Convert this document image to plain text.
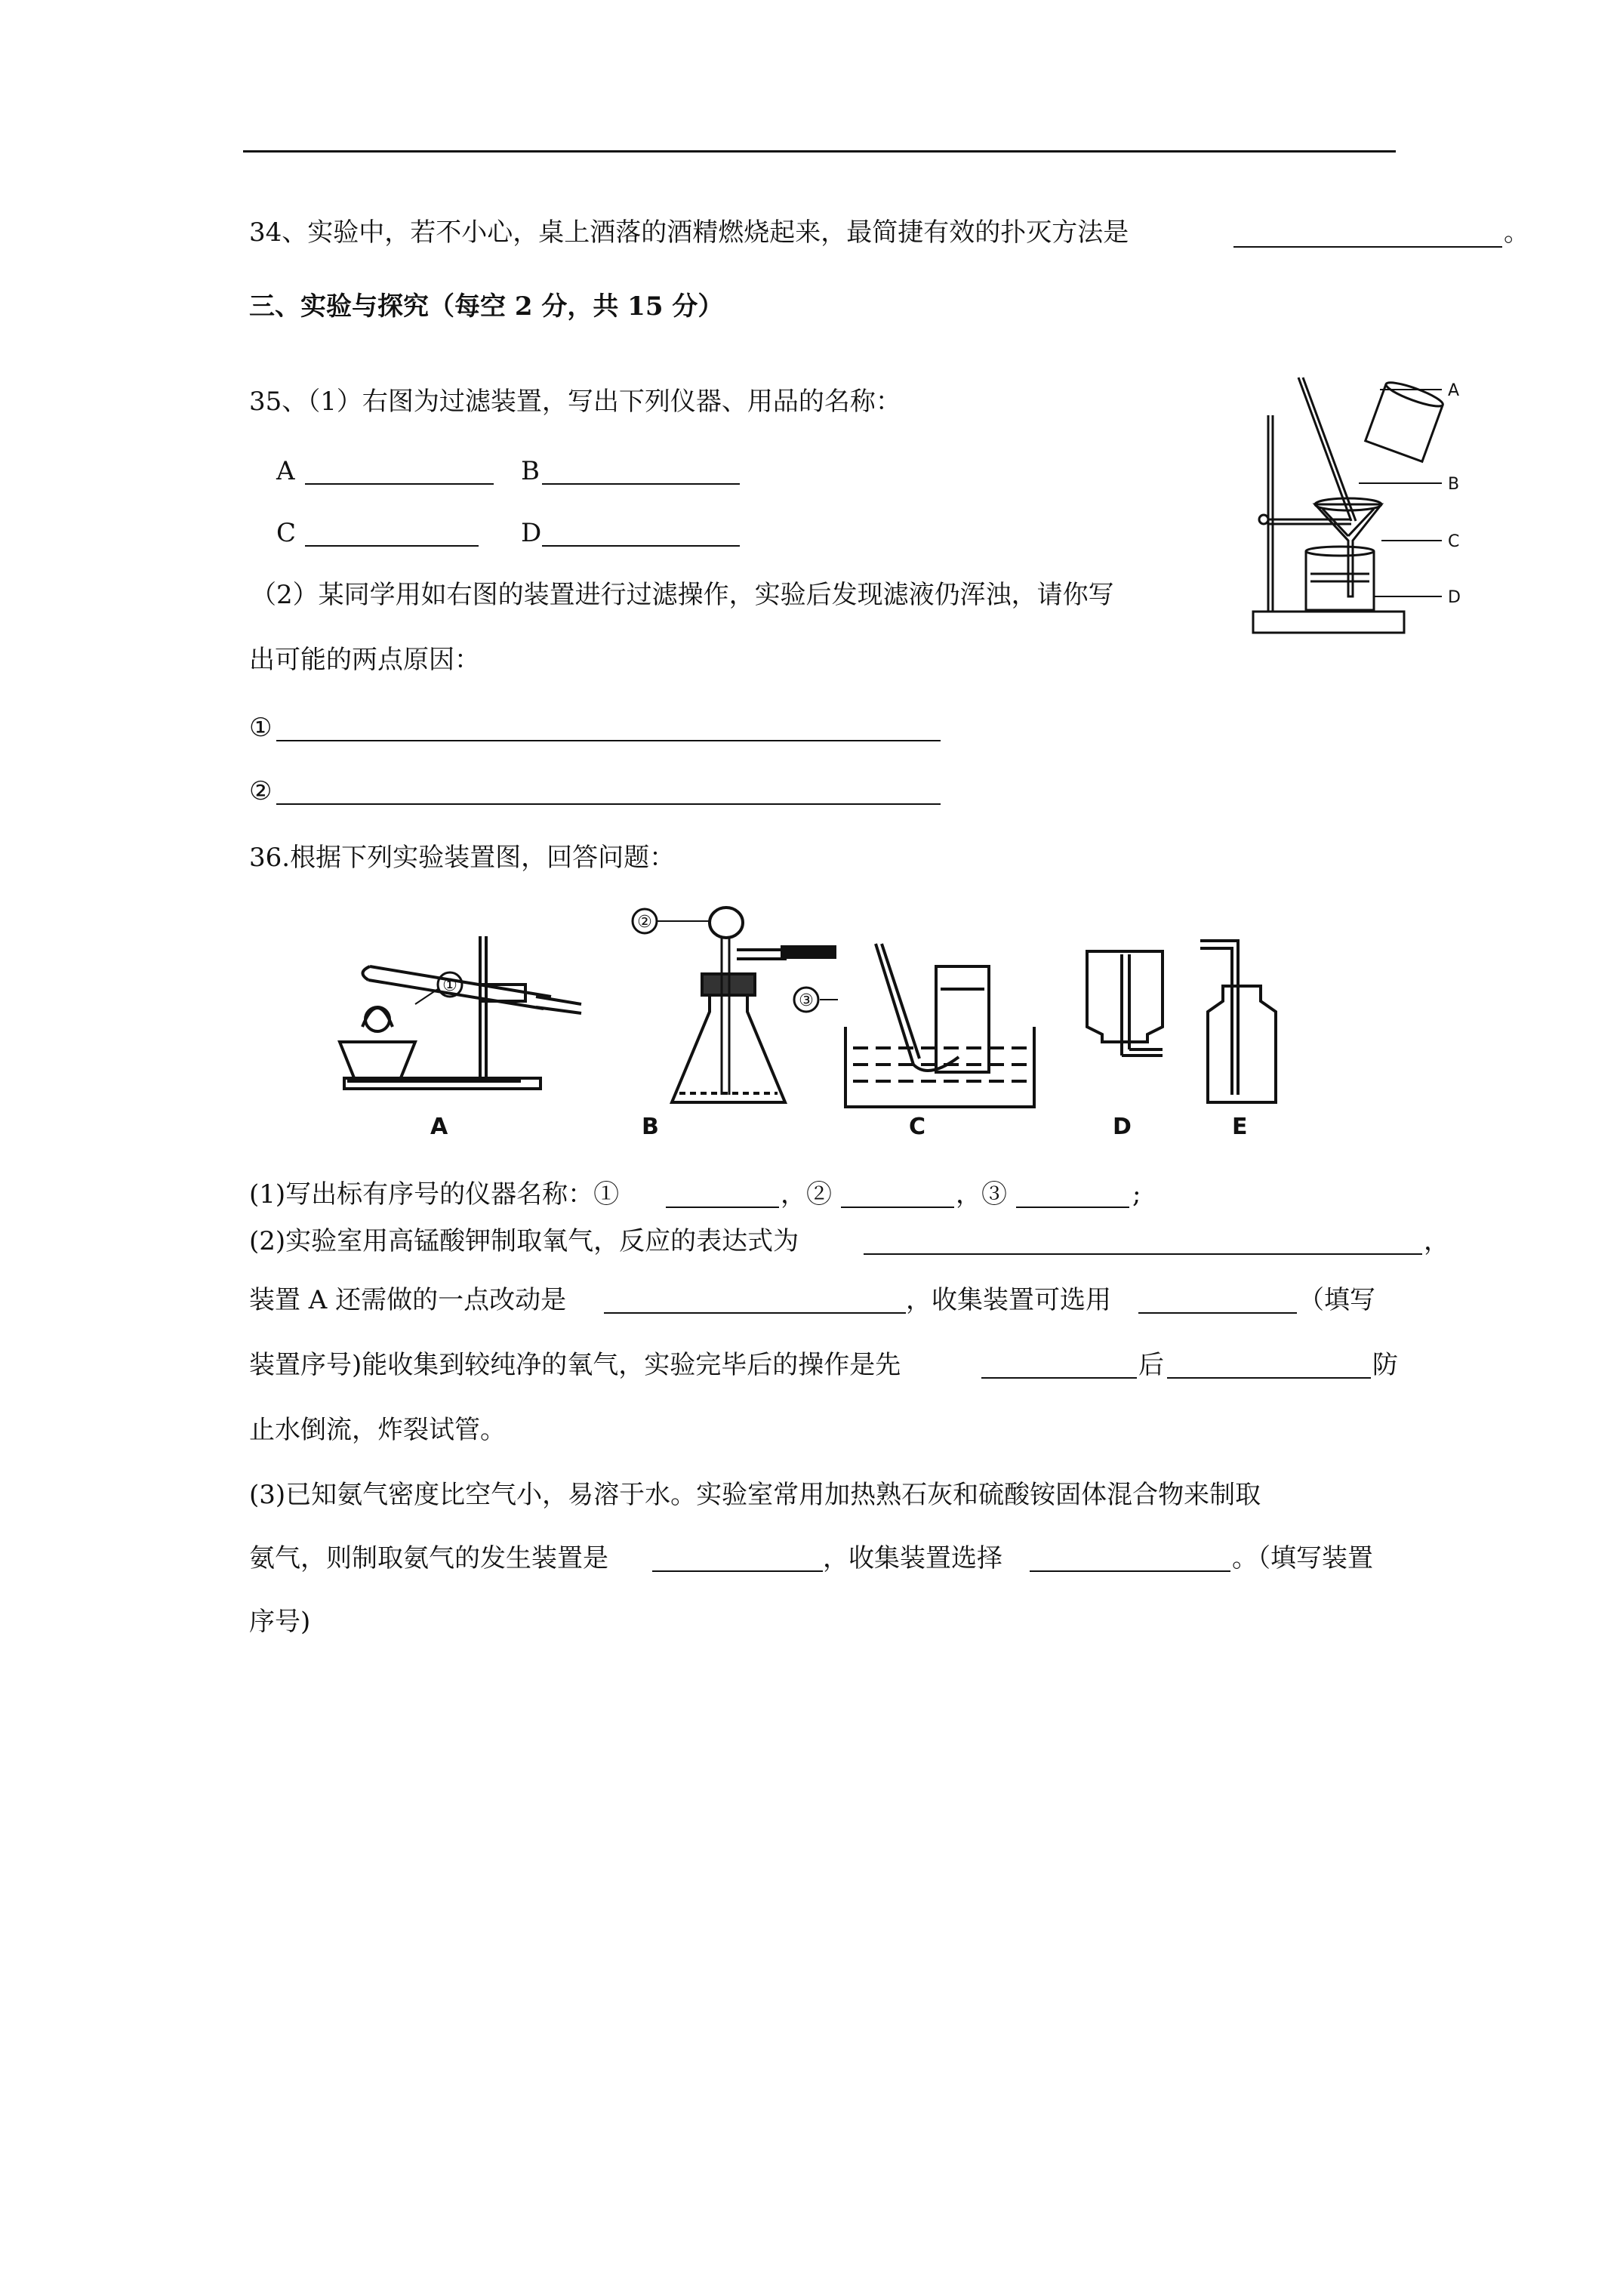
34、实验中，若不小心，桌上酒落的酒精燃烧起来，最简捷有效的扑灭方法是	。
三、实验与探究（每空 2 分，共 15 分）
35、（1）右图为过滤装置，写出下列仪器、用品的名称：
A	B
C	D
（2）某同学用如右图的装置进行过滤操作，实验后发现滤液仍浑浊，请你写
出可能的两点原因：
①
②
A
B
C
D
36.根据下列实验装置图，回答问题：
A	B	C	D	E
①
②
③
(1)写出标有序号的仪器名称：①	，②	，③	;
(2)实验室用高锰酸钾制取氧气，反应的表达式为	，
装置 A 还需做的一点改动是	，收集装置可选用	（填写
装置序号)能收集到较纯净的氧气，实验完毕后的操作是先	后	防
止水倒流，炸裂试管。
(3)已知氨气密度比空气小，易溶于水。实验室常用加热熟石灰和硫酸铵固体混合物来制取
氨气，则制取氨气的发生装置是	，收集装置选择	。（填写装置
序号)
